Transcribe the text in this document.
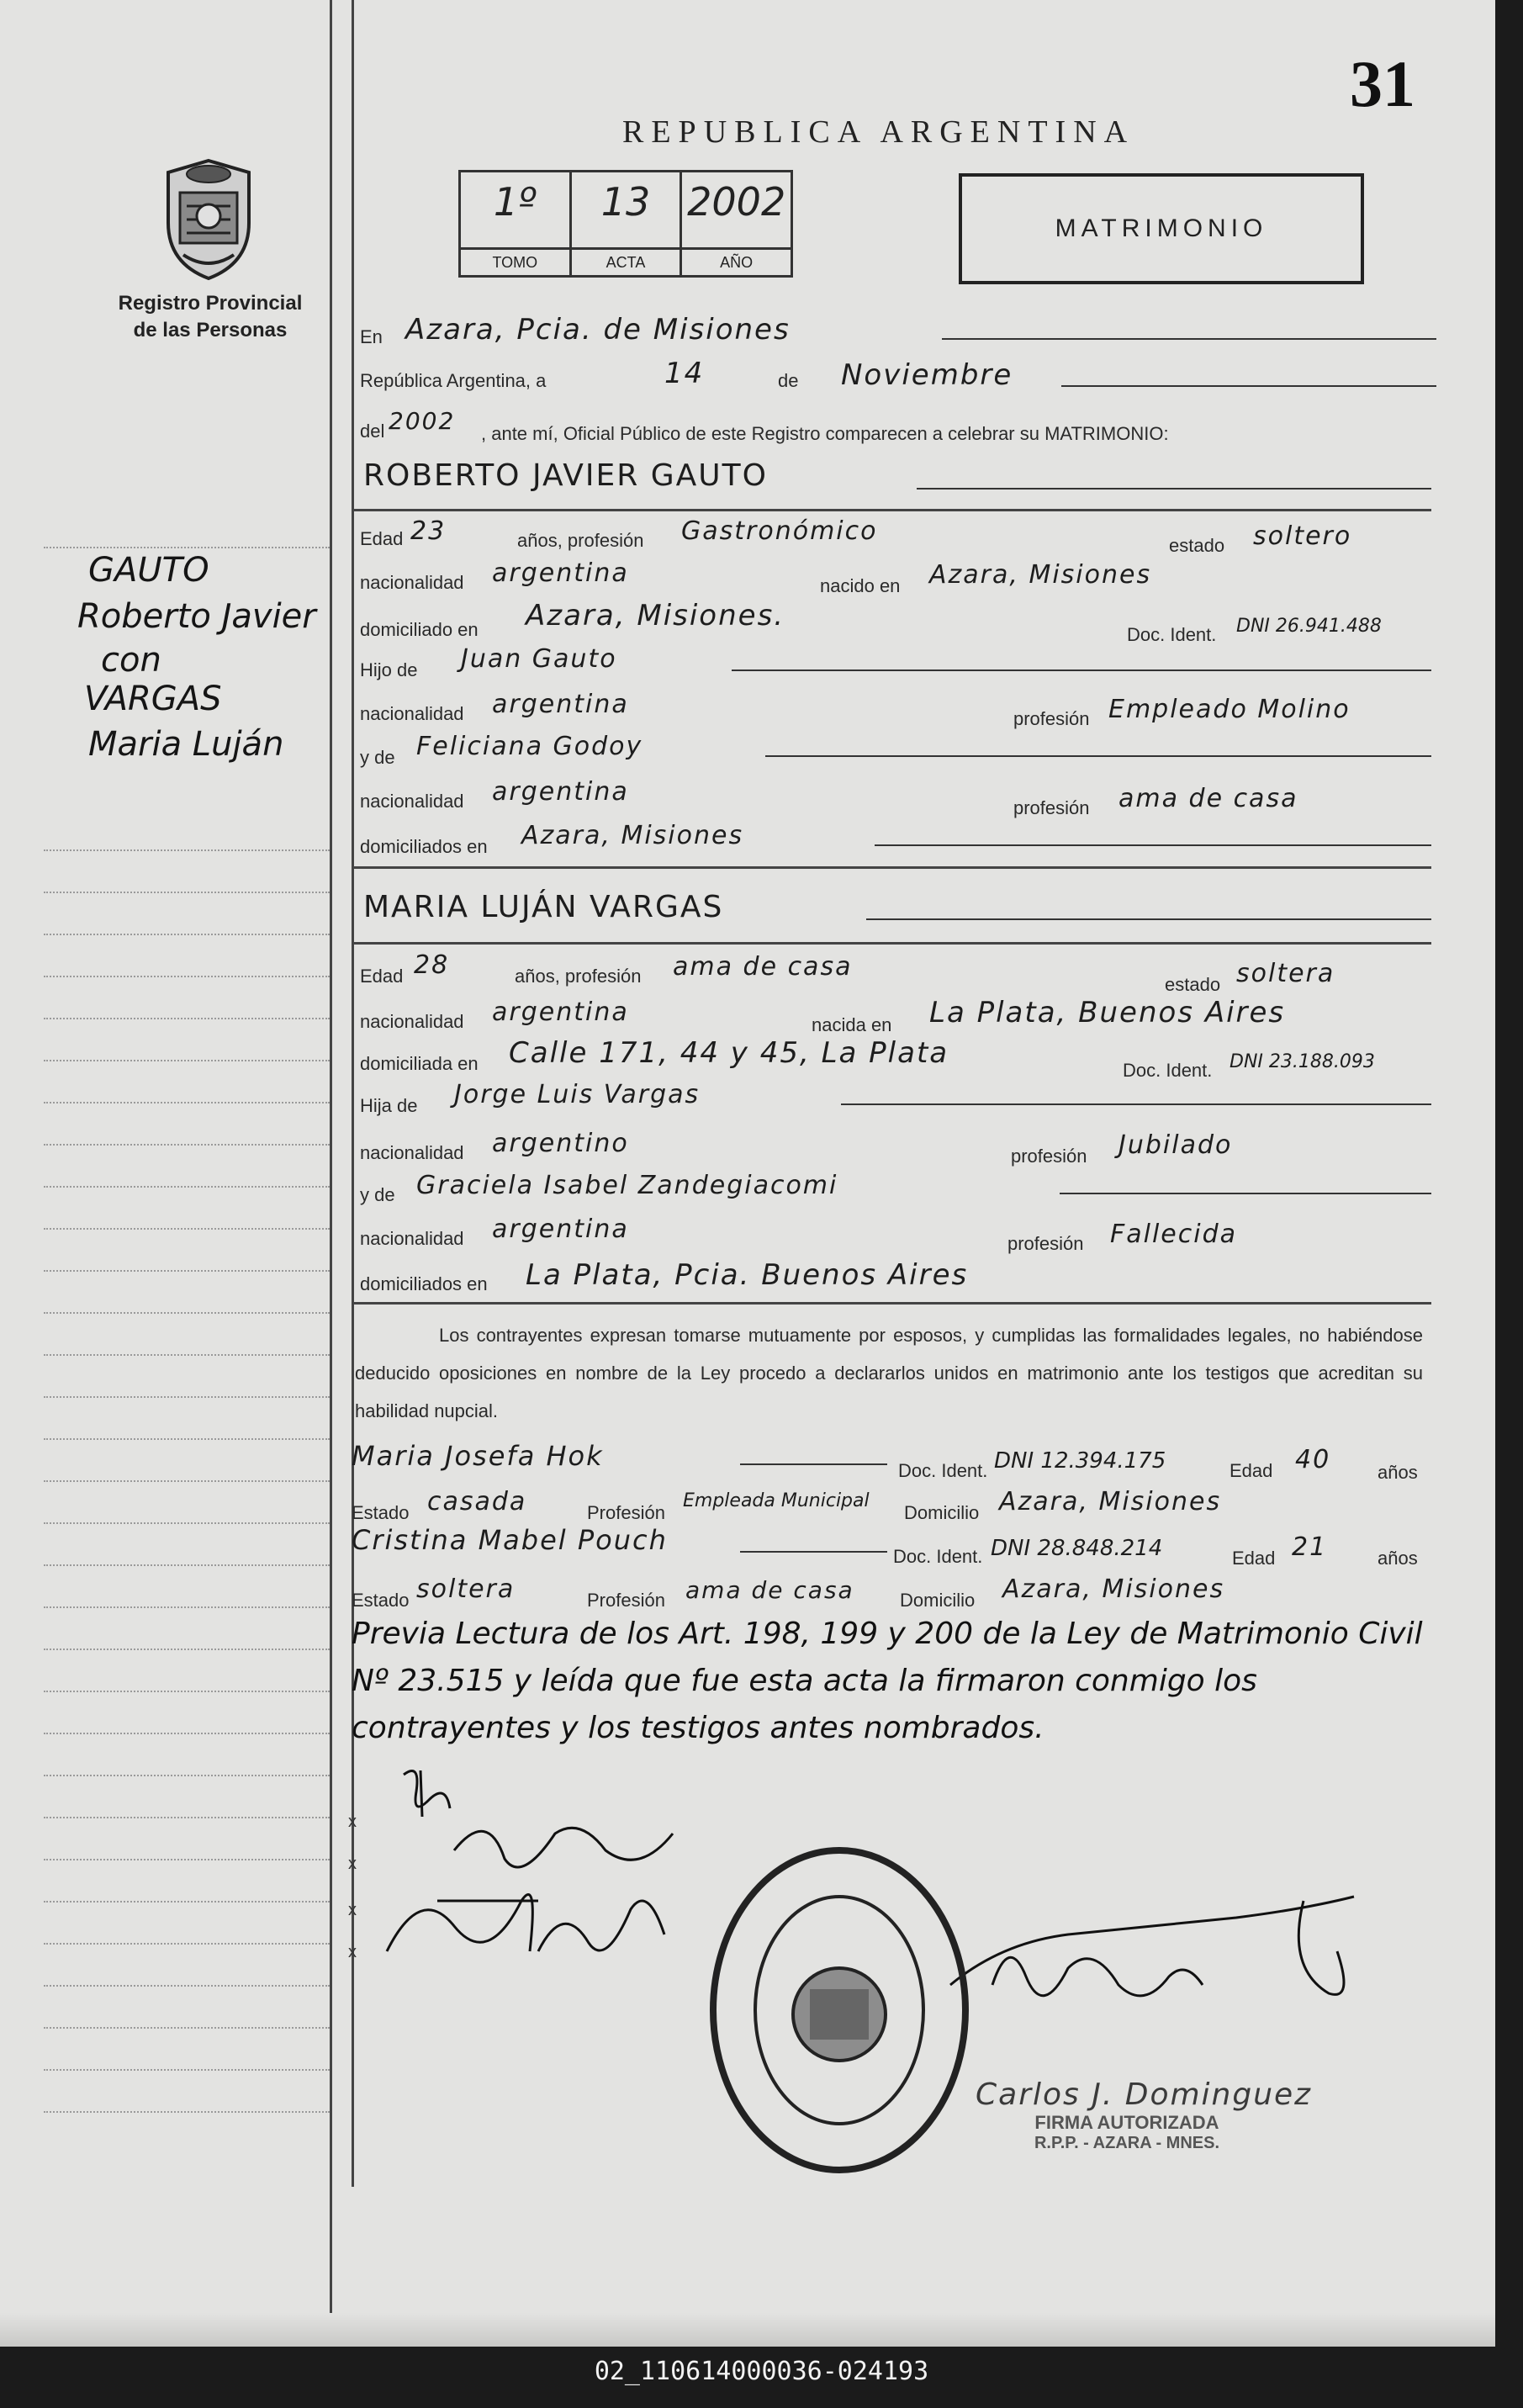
31
REPUBLICA ARGENTINA
Registro Provincial
de las Personas
1º
TOMO
13
ACTA
2002
AÑO
MATRIMONIO
GAUTO
Roberto Javier
con
VARGAS
Maria Luján
En Azara, Pcia. de Misiones
República Argentina, a	14	de Noviembre
del 2002 , ante mí, Oficial Público de este Registro comparecen a celebrar su MATRIMONIO:
ROBERTO JAVIER GAUTO
Edad 23	años, profesión Gastronómico	estado soltero
nacionalidad argentina	nacido en Azara, Misiones
domiciliado en Azara, Misiones.
Doc. Ident. DNI 26.941.488
Hijo de Juan Gauto
nacionalidad argentina	profesión Empleado Molino
y de Feliciana Godoy
nacionalidad argentina
profesión ama de casa
domiciliados en Azara, Misiones
MARIA LUJÁN VARGAS
Edad 28	años, profesión ama de casa
estado soltera
nacionalidad argentina	nacida en La Plata, Buenos Aires
domiciliada en Calle 171, 44 y 45, La Plata
Doc. Ident. DNI 23.188.093
Hija de Jorge Luis Vargas
nacionalidad argentino	profesión Jubilado
y de Graciela Isabel Zandegiacomi
nacionalidad argentina	profesión Fallecida
domiciliados en La Plata, Pcia. Buenos Aires
Los contrayentes expresan tomarse mutuamente por esposos, y cumplidas las formalidades legales, no habiéndose deducido oposiciones en nombre de la Ley procedo a declararlos unidos en matrimonio ante los testigos que acreditan su habilidad nupcial.
Maria Josefa Hok	Doc. Ident. DNI 12.394.175	Edad 40	años
Estado casada	Profesión
Empleada Municipal
Domicilio Azara, Misiones
Cristina Mabel Pouch
Doc. Ident. DNI 28.848.214	Edad 21	años
Estado soltera	Profesión ama de casa Domicilio Azara, Misiones
Previa Lectura de los Art. 198, 199 y 200 de la Ley de Matrimonio Civil Nº 23.515 y leída que fue esta acta la firmaron conmigo los contrayentes y los testigos antes nombrados.
x
x
x
x
Carlos J. Dominguez
FIRMA AUTORIZADA
R.P.P. - AZARA - MNES.
02_110614000036-024193
